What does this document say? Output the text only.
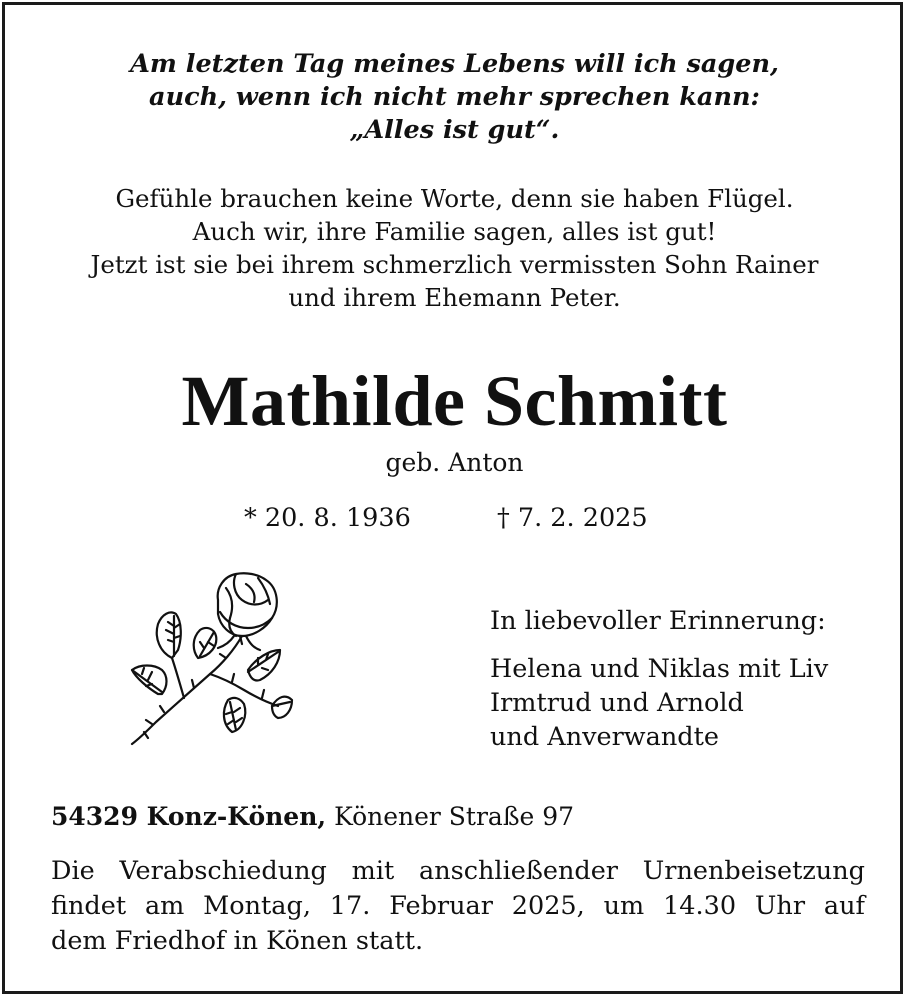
Am letzten Tag meines Lebens will ich sagen,
auch, wenn ich nicht mehr sprechen kann:
„Alles ist gut“.
Gefühle brauchen keine Worte, denn sie haben Flügel.
Auch wir, ihre Familie sagen, alles ist gut!
Jetzt ist sie bei ihrem schmerzlich vermissten Sohn Rainer
und ihrem Ehemann Peter.
Mathilde Schmitt
geb. Anton
* 20. 8. 1936	† 7. 2. 2025
In liebevoller Erinnerung:
Helena und Niklas mit Liv
Irmtrud und Arnold
und Anverwandte
54329 Konz-Könen, Könener Straße 97
Die Verabschiedung mit anschließender Urnenbeisetzung
findet am Montag, 17. Februar 2025, um 14.30 Uhr auf
dem Friedhof in Könen statt.
